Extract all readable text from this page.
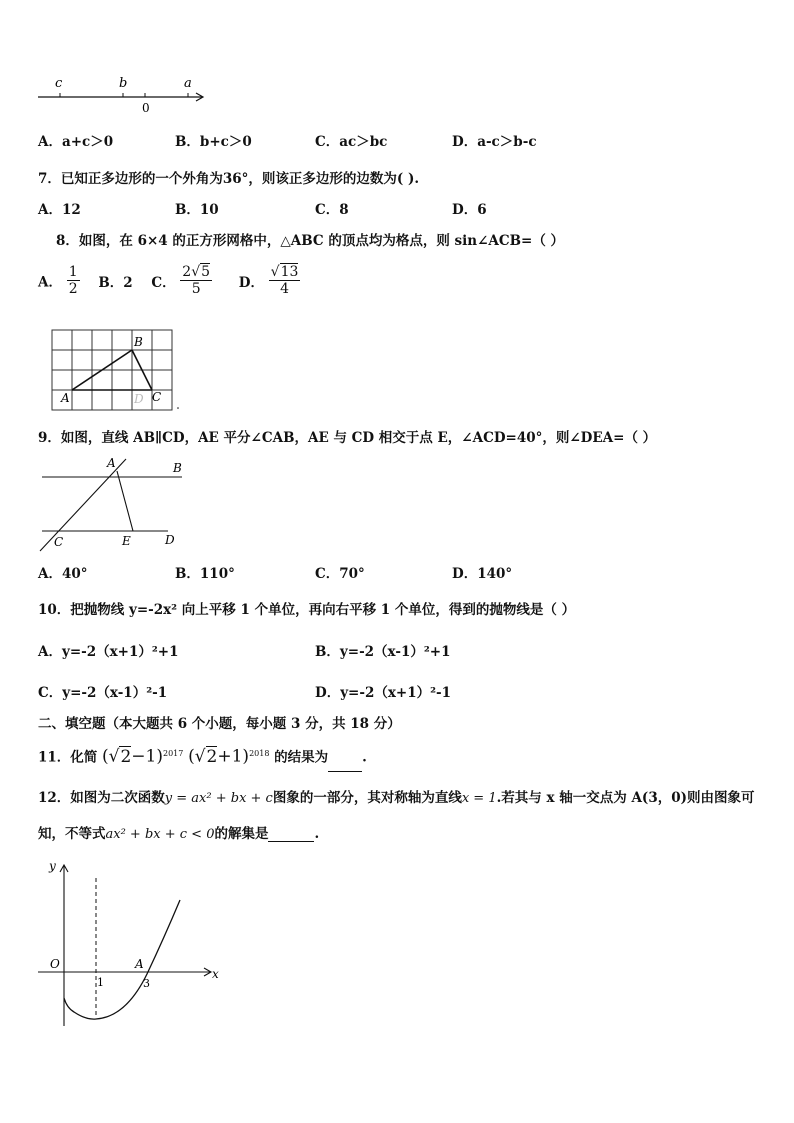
c	b	a
0
A．a+c＞0	B．b+c＞0	C．ac＞bc	D．a-c＞b-c
7．已知正多边形的一个外角为36°，则该正多边形的边数为( ).
A．12	B．10	C．8	D．6
8．如图，在 6×4 的正方形网格中，△ABC 的顶点均为格点，则 sin∠ACB=（ ）
A． $\frac{1}{2}$ B．2 C． $\frac{2√5}{5}$ D． $\frac{√13}{4}$
B
A	D C
9．如图，直线 AB∥CD，AE 平分∠CAB，AE 与 CD 相交于点 E，∠ACD=40°，则∠DEA=（ ）
A	B
C	E	D
A．40°	B．110°	C．70°	D．140°
10．把抛物线 y=-2x² 向上平移 1 个单位，再向右平移 1 个单位，得到的抛物线是（ ）
A．y=-2（x+1）²+1	B．y=-2（x-1）²+1
C．y=-2（x-1）²-1	D．y=-2（x+1）²-1
二、填空题（本大题共 6 个小题，每小题 3 分，共 18 分）
11．化简 $(√2-1)^{2017}$ $(√2+1)^{2018}$ 的结果为	.
12．如图为二次函数y = ax² + bx + c图象的一部分，其对称轴为直线x = 1.若其与 x 轴一交点为 A(3，0)则由图象可
知，不等式ax² + bx + c < 0的解集是	.
y
x
O
1	3
A
